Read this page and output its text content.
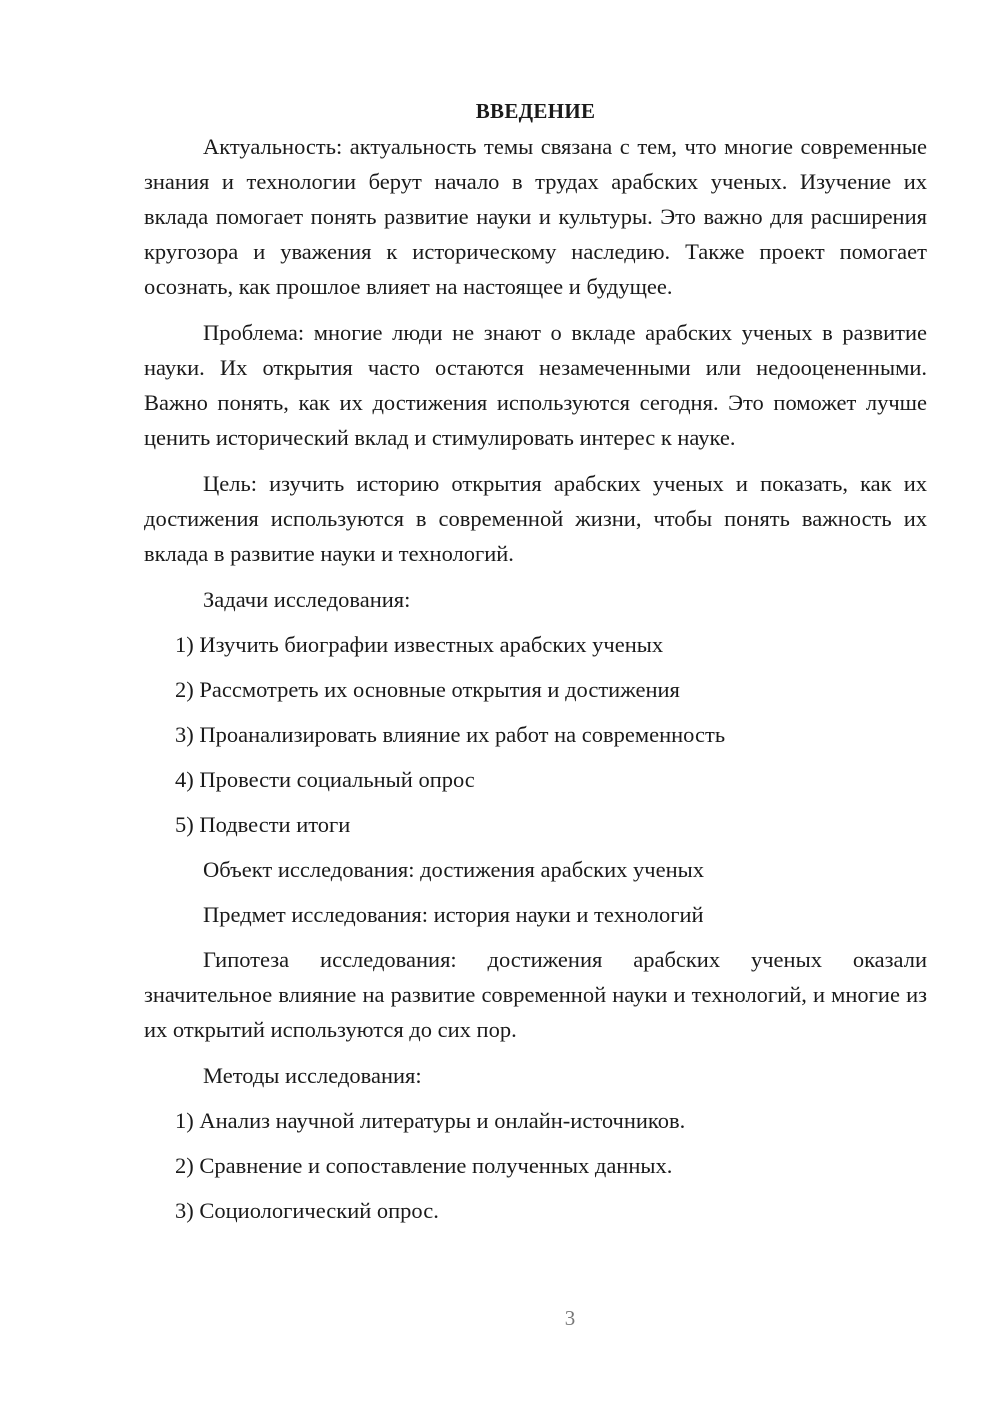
ВВЕДЕНИЕ

Актуальность: актуальность темы связана с тем, что многие современные знания и технологии берут начало в трудах арабских ученых. Изучение их вклада помогает понять развитие науки и культуры. Это важно для расширения кругозора и уважения к историческому наследию. Также проект помогает осознать, как прошлое влияет на настоящее и будущее.

Проблема: многие люди не знают о вкладе арабских ученых в развитие науки. Их открытия часто остаются незамеченными или недооцененными. Важно понять, как их достижения используются сегодня. Это поможет лучше ценить исторический вклад и стимулировать интерес к науке.

Цель: изучить историю открытия арабских ученых и показать, как их достижения используются в современной жизни, чтобы понять важность их вклада в развитие науки и технологий.

Задачи исследования:

1) Изучить биографии известных арабских ученых

2) Рассмотреть их основные открытия и достижения

3) Проанализировать влияние их работ на современность

4) Провести социальный опрос

5) Подвести итоги

Объект исследования: достижения арабских ученых

Предмет исследования: история науки и технологий

Гипотеза исследования: достижения арабских ученых оказали значительное влияние на развитие современной науки и технологий, и многие из их открытий используются до сих пор.

Методы исследования:

1) Анализ научной литературы и онлайн-источников.

2) Сравнение и сопоставление полученных данных.

3) Социологический опрос.

3
